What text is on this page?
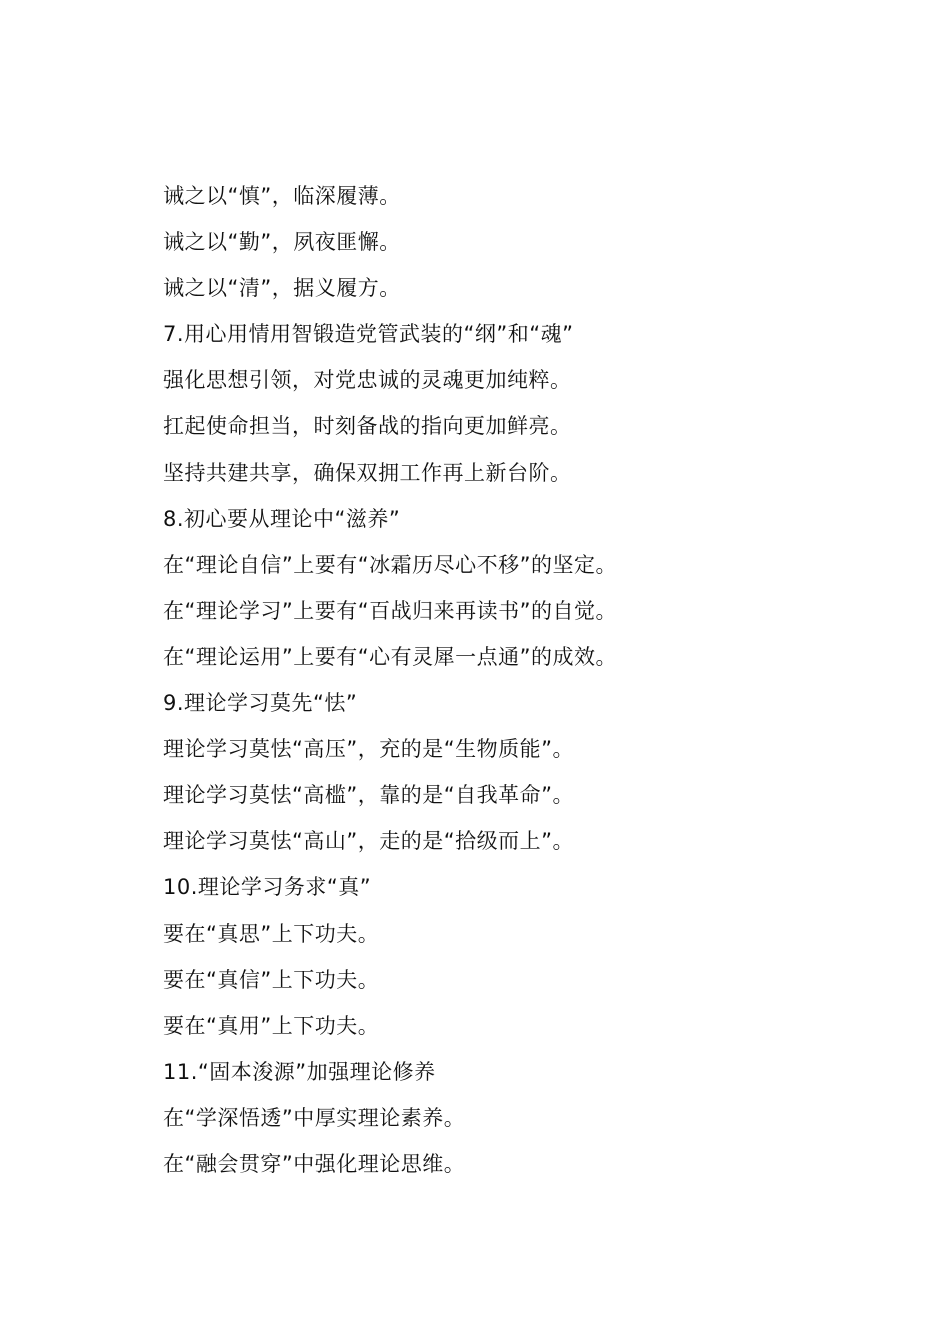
诫之以“慎”，临深履薄。
诫之以“勤”，夙夜匪懈。
诫之以“清”，据义履方。
7.用心用情用智锻造党管武装的“纲”和“魂”
强化思想引领，对党忠诚的灵魂更加纯粹。
扛起使命担当，时刻备战的指向更加鲜亮。
坚持共建共享，确保双拥工作再上新台阶。
8.初心要从理论中“滋养”
在“理论自信”上要有“冰霜历尽心不移”的坚定。
在“理论学习”上要有“百战归来再读书”的自觉。
在“理论运用”上要有“心有灵犀一点通”的成效。
9.理论学习莫先“怯”
理论学习莫怯“高压”，充的是“生物质能”。
理论学习莫怯“高槛”，靠的是“自我革命”。
理论学习莫怯“高山”，走的是“拾级而上”。
10.理论学习务求“真”
要在“真思”上下功夫。
要在“真信”上下功夫。
要在“真用”上下功夫。
11.“固本浚源”加强理论修养
在“学深悟透”中厚实理论素养。
在“融会贯穿”中强化理论思维。
